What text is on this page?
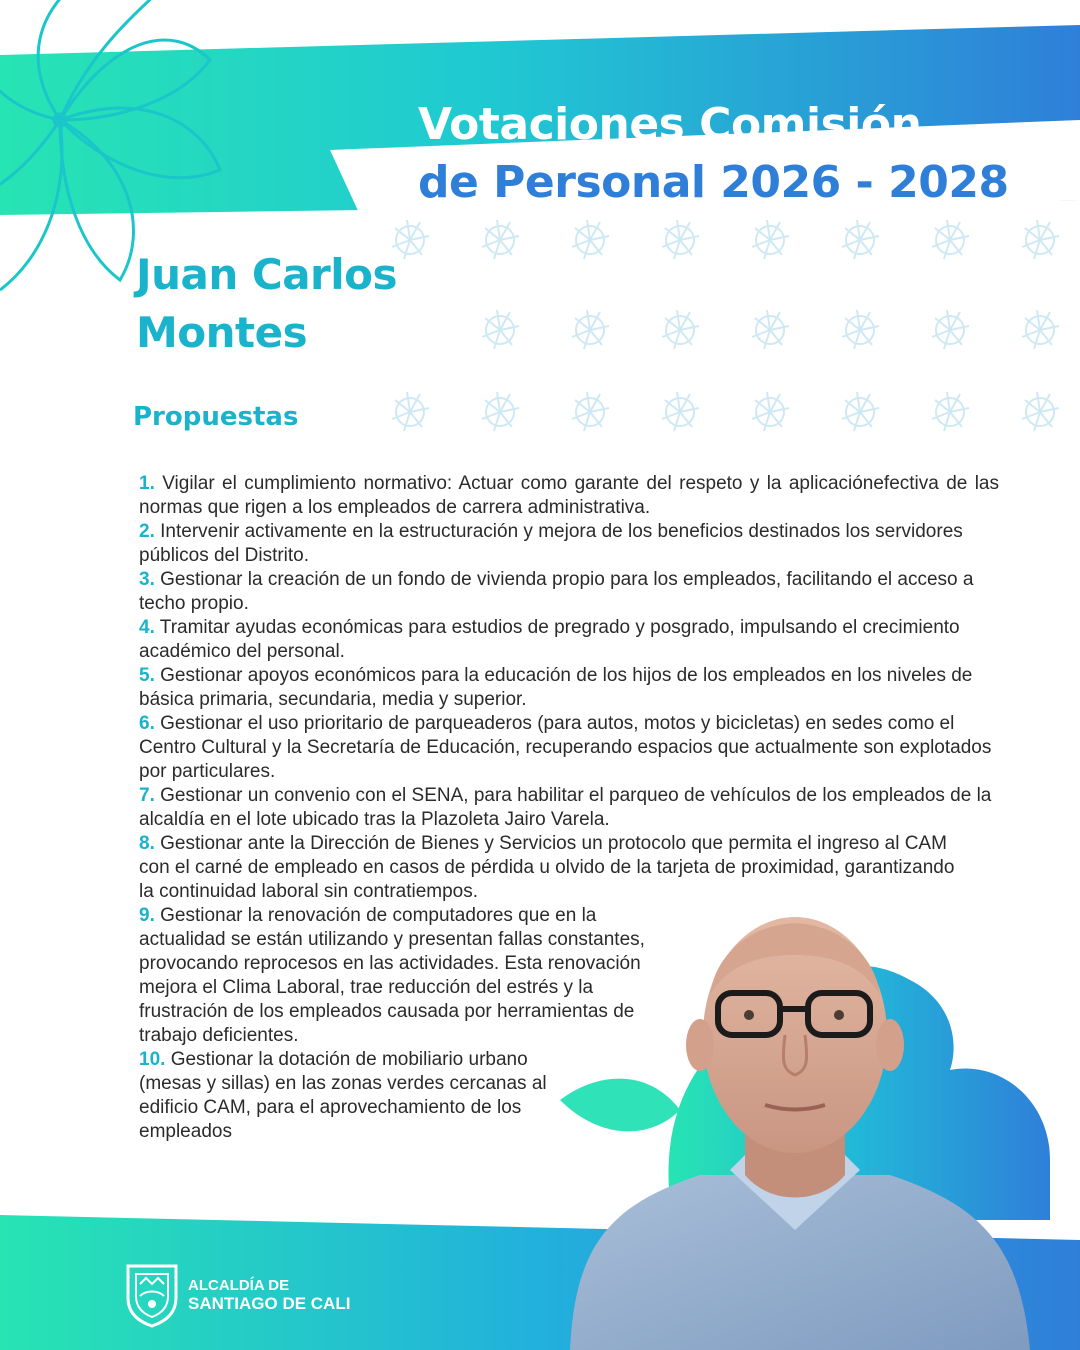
Votaciones Comisión
de Personal 2026 - 2028
Juan Carlos
Montes
Propuestas
1. Vigilar el cumplimiento normativo: Actuar como garante del respeto y la aplicaciónefectiva de las normas que rigen a los empleados de carrera administrativa.
2. Intervenir activamente en la estructuración y mejora de los beneficios destinados los servidores públicos del Distrito.
3. Gestionar la creación de un fondo de vivienda propio para los empleados, facilitando el acceso a techo propio.
4. Tramitar ayudas económicas para estudios de pregrado y posgrado, impulsando el crecimiento académico del personal.
5. Gestionar apoyos económicos para la educación de los hijos de los empleados en los niveles de básica primaria, secundaria, media y superior.
6. Gestionar el uso prioritario de parqueaderos (para autos, motos y bicicletas) en sedes como el Centro Cultural y la Secretaría de Educación, recuperando espacios que actualmente son explotados por particulares.
7. Gestionar un convenio con el SENA, para habilitar el parqueo de vehículos de los empleados de la alcaldía en el lote ubicado tras la Plazoleta Jairo Varela.
8. Gestionar ante la Dirección de Bienes y Servicios un protocolo que permita el ingreso al CAM con el carné de empleado en casos de pérdida u olvido de la tarjeta de proximidad, garantizando la continuidad laboral sin contratiempos.
9. Gestionar la renovación de computadores que en la actualidad se están utilizando y presentan fallas constantes, provocando reprocesos en las actividades. Esta renovación mejora el Clima Laboral, trae reducción del estrés y la frustración de los empleados causada por herramientas de trabajo deficientes.
10. Gestionar la dotación de mobiliario urbano (mesas y sillas) en las zonas verdes cercanas al edificio CAM, para el aprovechamiento de los empleados
ALCALDÍA DE
SANTIAGO DE CALI
